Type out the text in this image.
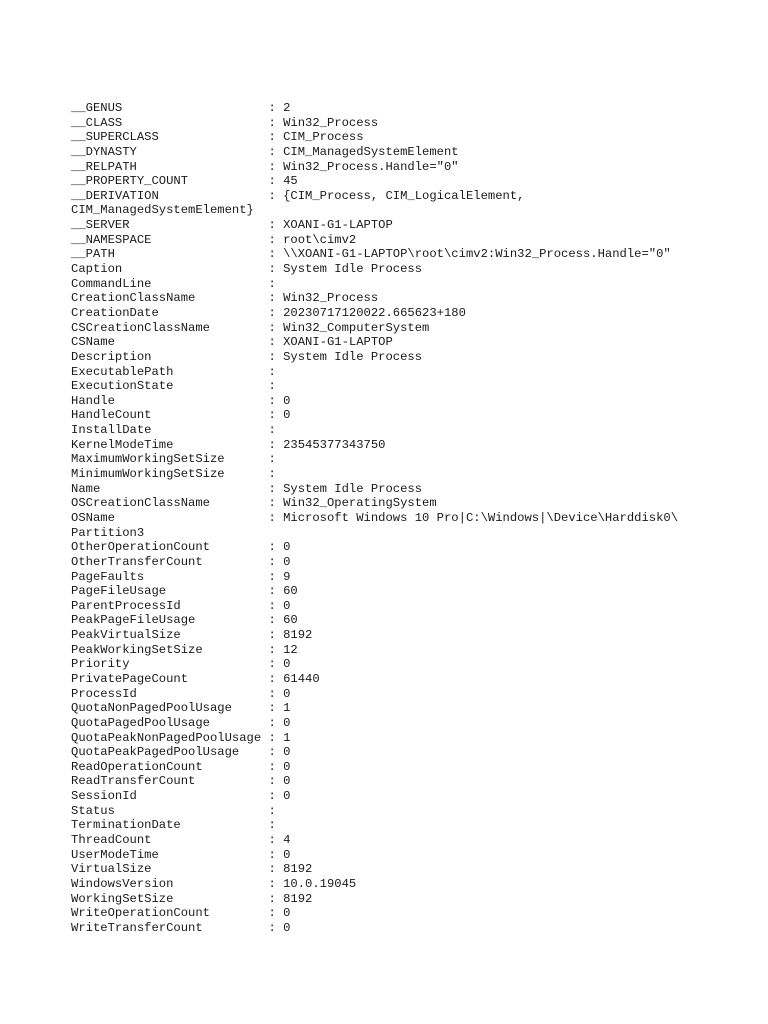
__GENUS                    : 2
__CLASS                    : Win32_Process
__SUPERCLASS               : CIM_Process
__DYNASTY                  : CIM_ManagedSystemElement
__RELPATH                  : Win32_Process.Handle="0"
__PROPERTY_COUNT           : 45
__DERIVATION               : {CIM_Process, CIM_LogicalElement,
CIM_ManagedSystemElement}
__SERVER                   : XOANI-G1-LAPTOP
__NAMESPACE                : root\cimv2
__PATH                     : \\XOANI-G1-LAPTOP\root\cimv2:Win32_Process.Handle="0"
Caption                    : System Idle Process
CommandLine                :
CreationClassName          : Win32_Process
CreationDate               : 20230717120022.665623+180
CSCreationClassName        : Win32_ComputerSystem
CSName                     : XOANI-G1-LAPTOP
Description                : System Idle Process
ExecutablePath             :
ExecutionState             :
Handle                     : 0
HandleCount                : 0
InstallDate                :
KernelModeTime             : 23545377343750
MaximumWorkingSetSize      :
MinimumWorkingSetSize      :
Name                       : System Idle Process
OSCreationClassName        : Win32_OperatingSystem
OSName                     : Microsoft Windows 10 Pro|C:\Windows|\Device\Harddisk0\
Partition3
OtherOperationCount        : 0
OtherTransferCount         : 0
PageFaults                 : 9
PageFileUsage              : 60
ParentProcessId            : 0
PeakPageFileUsage          : 60
PeakVirtualSize            : 8192
PeakWorkingSetSize         : 12
Priority                   : 0
PrivatePageCount           : 61440
ProcessId                  : 0
QuotaNonPagedPoolUsage     : 1
QuotaPagedPoolUsage        : 0
QuotaPeakNonPagedPoolUsage : 1
QuotaPeakPagedPoolUsage    : 0
ReadOperationCount         : 0
ReadTransferCount          : 0
SessionId                  : 0
Status                     :
TerminationDate            :
ThreadCount                : 4
UserModeTime               : 0
VirtualSize                : 8192
WindowsVersion             : 10.0.19045
WorkingSetSize             : 8192
WriteOperationCount        : 0
WriteTransferCount         : 0
